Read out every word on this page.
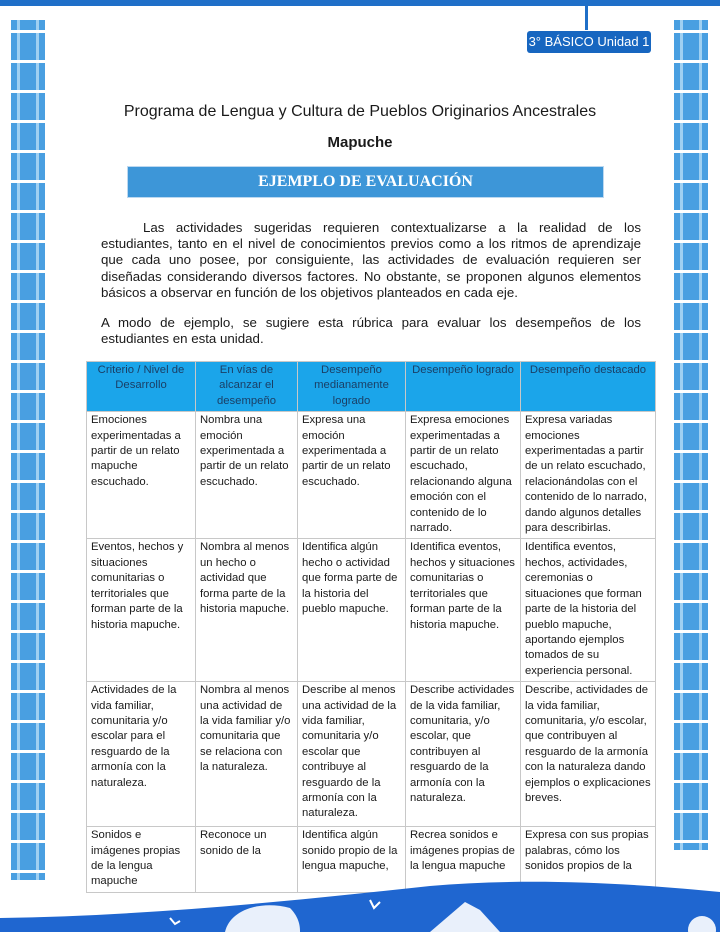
3° BÁSICO Unidad 1
Programa de Lengua y Cultura de Pueblos Originarios Ancestrales
Mapuche
EJEMPLO DE EVALUACIÓN
Las actividades sugeridas requieren contextualizarse a la realidad de los estudiantes, tanto en el nivel de conocimientos previos como a los ritmos de aprendizaje que cada uno posee, por consiguiente, las actividades de evaluación requieren ser diseñadas considerando diversos factores. No obstante, se proponen algunos elementos básicos a observar en función de los objetivos planteados en cada eje.
A modo de ejemplo, se sugiere esta rúbrica para evaluar los desempeños de los estudiantes en esta unidad.
Criterio / Nivel de Desarrollo	En vías de alcanzar el desempeño	Desempeño medianamente logrado	Desempeño logrado	Desempeño destacado
Emociones experimentadas a partir de un relato mapuche escuchado.	Nombra una emoción experimentada a partir de un relato escuchado.	Expresa una emoción experimentada a partir de un relato escuchado.	Expresa emociones experimentadas a partir de un relato escuchado, relacionando alguna emoción con el contenido de lo narrado.	Expresa variadas emociones experimentadas a partir de un relato escuchado, relacionándolas con el contenido de lo narrado, dando algunos detalles para describirlas.
Eventos, hechos y situaciones comunitarias o territoriales que forman parte de la historia mapuche.	Nombra al menos un hecho o actividad que forma parte de la historia mapuche.	Identifica algún hecho o actividad que forma parte de la historia del pueblo mapuche.	Identifica eventos, hechos y situaciones comunitarias o territoriales que forman parte de la historia mapuche.	Identifica eventos, hechos, actividades, ceremonias o situaciones que forman parte de la historia del pueblo mapuche, aportando ejemplos tomados de su experiencia personal.
Actividades de la vida familiar, comunitaria y/o escolar para el resguardo de la armonía con la naturaleza.	Nombra al menos una actividad de la vida familiar y/o comunitaria que se relaciona con la naturaleza.	Describe al menos una actividad de la vida familiar, comunitaria y/o escolar que contribuye al resguardo de la armonía con la naturaleza.	Describe actividades de la vida familiar, comunitaria, y/o escolar, que contribuyen al resguardo de la armonía con la naturaleza.	Describe, actividades de la vida familiar, comunitaria, y/o escolar, que contribuyen al resguardo de la armonía con la naturaleza dando ejemplos o explicaciones breves.
Sonidos e imágenes propias de la lengua mapuche	Reconoce un sonido de la	Identifica algún sonido propio de la lengua mapuche,	Recrea sonidos e imágenes propias de la lengua mapuche	Expresa con sus propias palabras, cómo los sonidos propios de la
